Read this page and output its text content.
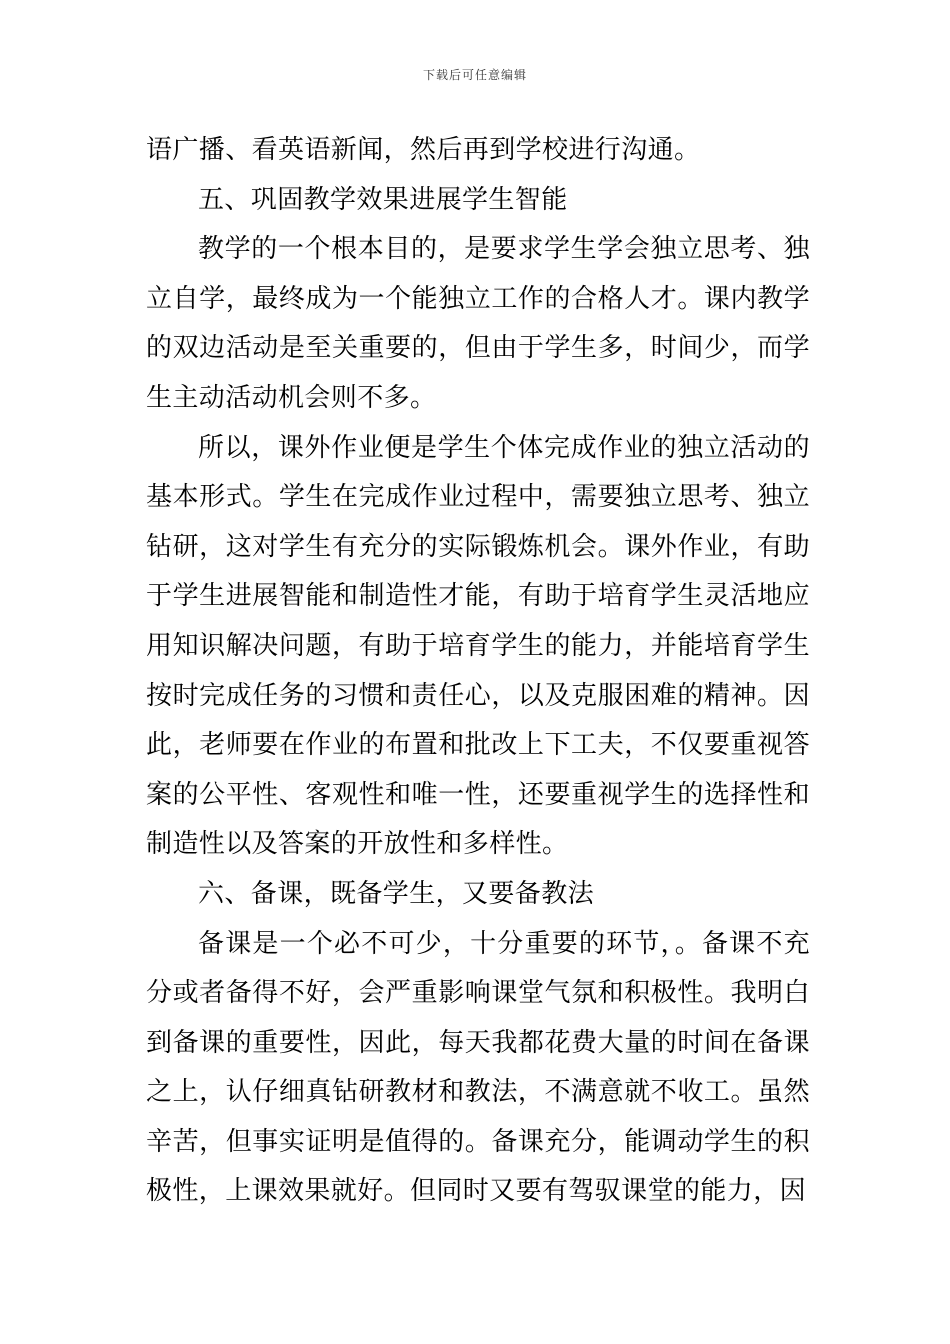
下载后可任意编辑

语广播、看英语新闻，然后再到学校进行沟通。

五、巩固教学效果进展学生智能

教学的一个根本目的，是要求学生学会独立思考、独立自学，最终成为一个能独立工作的合格人才。课内教学的双边活动是至关重要的，但由于学生多，时间少，而学生主动活动机会则不多。

所以，课外作业便是学生个体完成作业的独立活动的基本形式。学生在完成作业过程中，需要独立思考、独立钻研，这对学生有充分的实际锻炼机会。课外作业，有助于学生进展智能和制造性才能，有助于培育学生灵活地应用知识解决问题，有助于培育学生的能力，并能培育学生按时完成任务的习惯和责任心，以及克服困难的精神。因此，老师要在作业的布置和批改上下工夫，不仅要重视答案的公平性、客观性和唯一性，还要重视学生的选择性和制造性以及答案的开放性和多样性。

六、备课，既备学生，又要备教法

备课是一个必不可少，十分重要的环节，。备课不充分或者备得不好，会严重影响课堂气氛和积极性。我明白到备课的重要性，因此，每天我都花费大量的时间在备课之上，认仔细真钻研教材和教法，不满意就不收工。虽然辛苦，但事实证明是值得的。备课充分，能调动学生的积极性，上课效果就好。但同时又要有驾驭课堂的能力，因
